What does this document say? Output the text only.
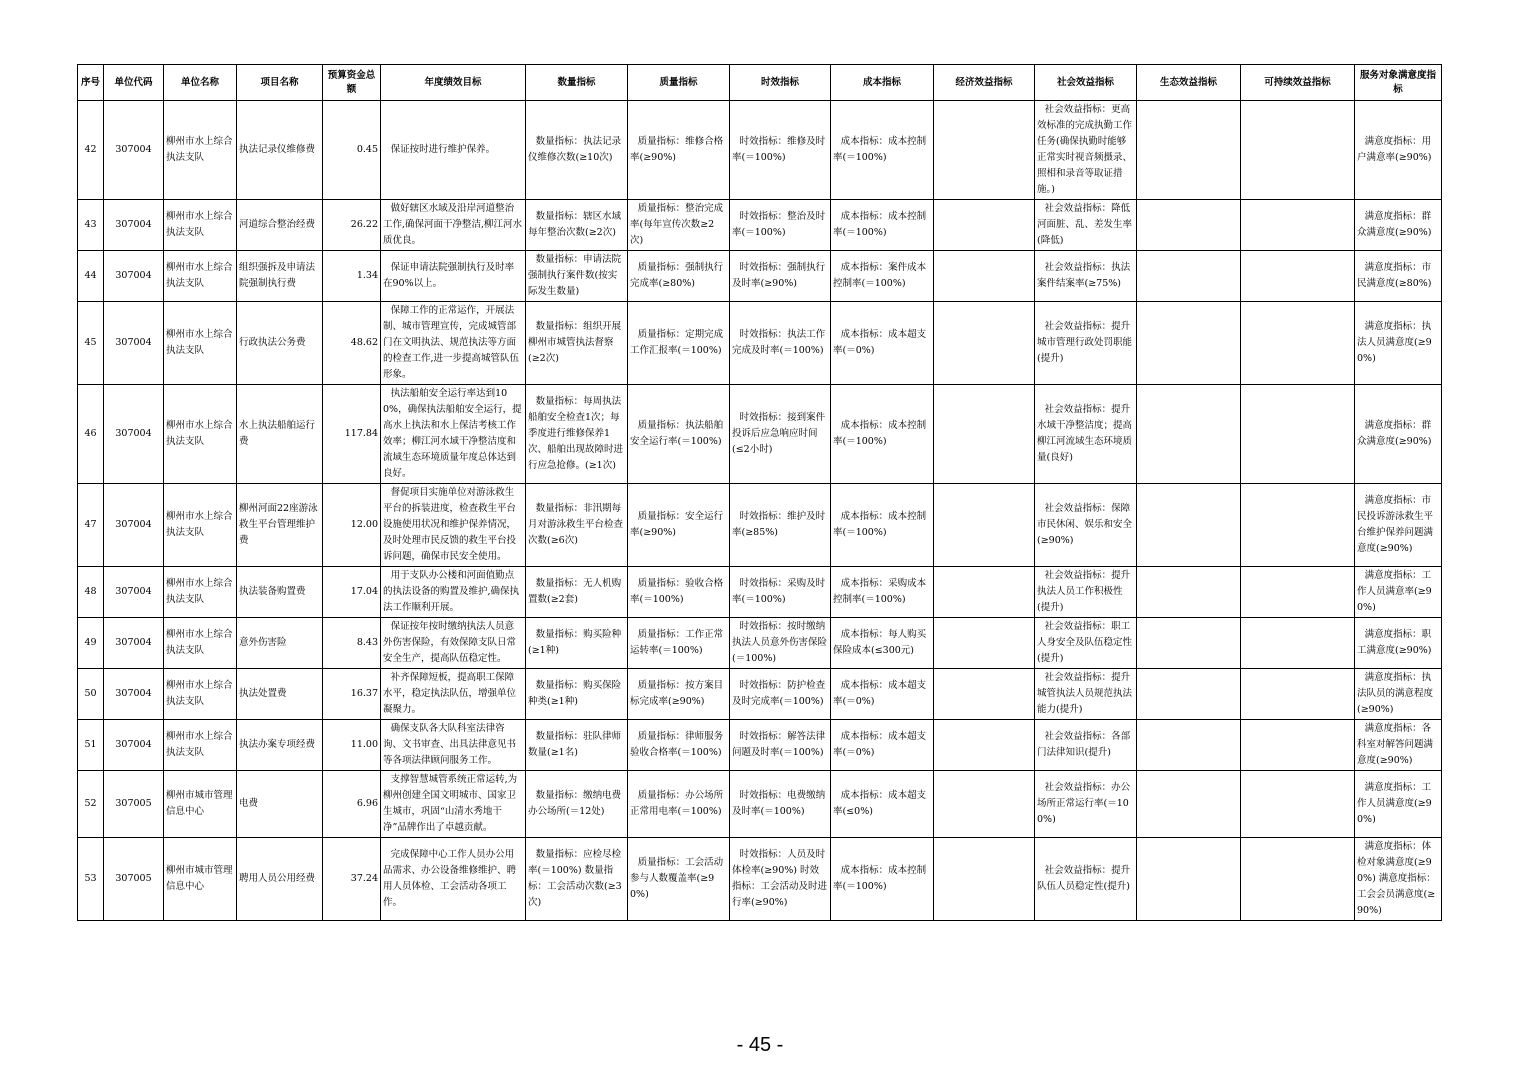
序号	单位代码	单位名称	项目名称	预算资金总额	年度绩效目标	数量指标	质量指标	时效指标	成本指标	经济效益指标	社会效益指标	生态效益指标	可持续效益指标	服务对象满意度指标
42	307004	柳州市水上综合执法支队	执法记录仪维修费	0.45	保证按时进行维护保养。	数量指标：执法记录仪维修次数(≥10次)	质量指标：维修合格率(≥90%)	时效指标：维修及时率(＝100%)	成本指标：成本控制率(＝100%)		社会效益指标：更高效标准的完成执勤工作任务(确保执勤时能够正常实时视音频摄录、照相和录音等取证措施。)			满意度指标：用户满意率(≥90%)
43	307004	柳州市水上综合执法支队	河道综合整治经费	26.22	做好辖区水域及沿岸河道整治工作,确保河面干净整洁,柳江河水质优良。	数量指标：辖区水域每年整治次数(≥2次)	质量指标：整治完成率(每年宣传次数≥2次)	时效指标：整治及时率(＝100%)	成本指标：成本控制率(＝100%)		社会效益指标：降低河面脏、乱、差发生率(降低)			满意度指标：群众满意度(≥90%)
44	307004	柳州市水上综合执法支队	组织强拆及申请法院强制执行费	1.34	保证申请法院强制执行及时率在90%以上。	数量指标：申请法院强制执行案件数(按实际发生数量)	质量指标：强制执行完成率(≥80%)	时效指标：强制执行及时率(≥90%)	成本指标：案件成本控制率(＝100%)		社会效益指标：执法案件结案率(≥75%)			满意度指标：市民满意度(≥80%)
45	307004	柳州市水上综合执法支队	行政执法公务费	48.62	保障工作的正常运作，开展法制、城市管理宣传，完成城管部门在文明执法、规范执法等方面的检查工作,进一步提高城管队伍形象。	数量指标：组织开展柳州市城管执法督察(≥2次)	质量指标：定期完成工作汇报率(＝100%)	时效指标：执法工作完成及时率(＝100%)	成本指标：成本超支率(＝0%)		社会效益指标：提升城市管理行政处罚职能(提升)			满意度指标：执法人员满意度(≥90%)
46	307004	柳州市水上综合执法支队	水上执法船舶运行费	117.84	执法船舶安全运行率达到100%，确保执法船舶安全运行，提高水上执法和水上保洁考核工作效率；柳江河水域干净整洁度和流域生态环境质量年度总体达到良好。	数量指标：每周执法船舶安全检查1次；每季度进行维修保养1次、船舶出现故障时进行应急抢修。(≥1次)	质量指标：执法船舶安全运行率(＝100%)	时效指标：接到案件投诉后应急响应时间(≤2小时)	成本指标：成本控制率(＝100%)		社会效益指标：提升水域干净整洁度；提高柳江河流域生态环境质量(良好)			满意度指标：群众满意度(≥90%)
47	307004	柳州市水上综合执法支队	柳州河面22座游泳救生平台管理维护费	12.00	督促项目实施单位对游泳救生平台的拆装进度，检查救生平台设施使用状况和维护保养情况，及时处理市民反馈的救生平台投诉问题，确保市民安全使用。	数量指标：非汛期每月对游泳救生平台检查次数(≥6次)	质量指标：安全运行率(≥90%)	时效指标：维护及时率(≥85%)	成本指标：成本控制率(＝100%)		社会效益指标：保障市民休闲、娱乐和安全(≥90%)			满意度指标：市民投诉游泳救生平台维护保养问题满意度(≥90%)
48	307004	柳州市水上综合执法支队	执法装备购置费	17.04	用于支队办公楼和河面值勤点的执法设备的购置及维护,确保执法工作顺利开展。	数量指标：无人机购置数(≥2套)	质量指标：验收合格率(＝100%)	时效指标：采购及时率(＝100%)	成本指标：采购成本控制率(＝100%)		社会效益指标：提升执法人员工作积极性(提升)			满意度指标：工作人员满意率(≥90%)
49	307004	柳州市水上综合执法支队	意外伤害险	8.43	保证按年按时缴纳执法人员意外伤害保险，有效保障支队日常安全生产，提高队伍稳定性。	数量指标：购买险种(≥1种)	质量指标：工作正常运转率(＝100%)	时效指标：按时缴纳执法人员意外伤害保险(＝100%)	成本指标：每人购买保险成本(≤300元)		社会效益指标：职工人身安全及队伍稳定性(提升)			满意度指标：职工满意度(≥90%)
50	307004	柳州市水上综合执法支队	执法处置费	16.37	补齐保障短板，提高职工保障水平，稳定执法队伍，增强单位凝聚力。	数量指标：购买保险种类(≥1种)	质量指标：按方案目标完成率(≥90%)	时效指标：防护检查及时完成率(＝100%)	成本指标：成本超支率(＝0%)		社会效益指标：提升城管执法人员规范执法能力(提升)			满意度指标：执法队员的满意程度(≥90%)
51	307004	柳州市水上综合执法支队	执法办案专项经费	11.00	确保支队各大队科室法律咨询、文书审查、出具法律意见书等各项法律顾问服务工作。	数量指标：驻队律师数量(≥1名)	质量指标：律师服务验收合格率(＝100%)	时效指标：解答法律问题及时率(＝100%)	成本指标：成本超支率(＝0%)		社会效益指标：各部门法律知识(提升)			满意度指标：各科室对解答问题满意度(≥90%)
52	307005	柳州市城市管理信息中心	电费	6.96	支撑智慧城管系统正常运转,为柳州创建全国文明城市、国家卫生城市，巩固“山清水秀地干净”品牌作出了卓越贡献。	数量指标：缴纳电费办公场所(＝12处)	质量指标：办公场所正常用电率(＝100%)	时效指标：电费缴纳及时率(＝100%)	成本指标：成本超支率(≤0%)		社会效益指标：办公场所正常运行率(＝100%)			满意度指标：工作人员满意度(≥90%)
53	307005	柳州市城市管理信息中心	聘用人员公用经费	37.24	完成保障中心工作人员办公用品需求、办公设备维修维护、聘用人员体检、工会活动各项工作。	数量指标：应检尽检率(＝100%) 数量指标：工会活动次数(≥3次)	质量指标：工会活动参与人数覆盖率(≥90%)	时效指标：人员及时体检率(≥90%) 时效指标：工会活动及时进行率(≥90%)	成本指标：成本控制率(＝100%)		社会效益指标：提升队伍人员稳定性(提升)			满意度指标：体检对象满意度(≥90%) 满意度指标：工会会员满意度(≥90%)
- 45 -
